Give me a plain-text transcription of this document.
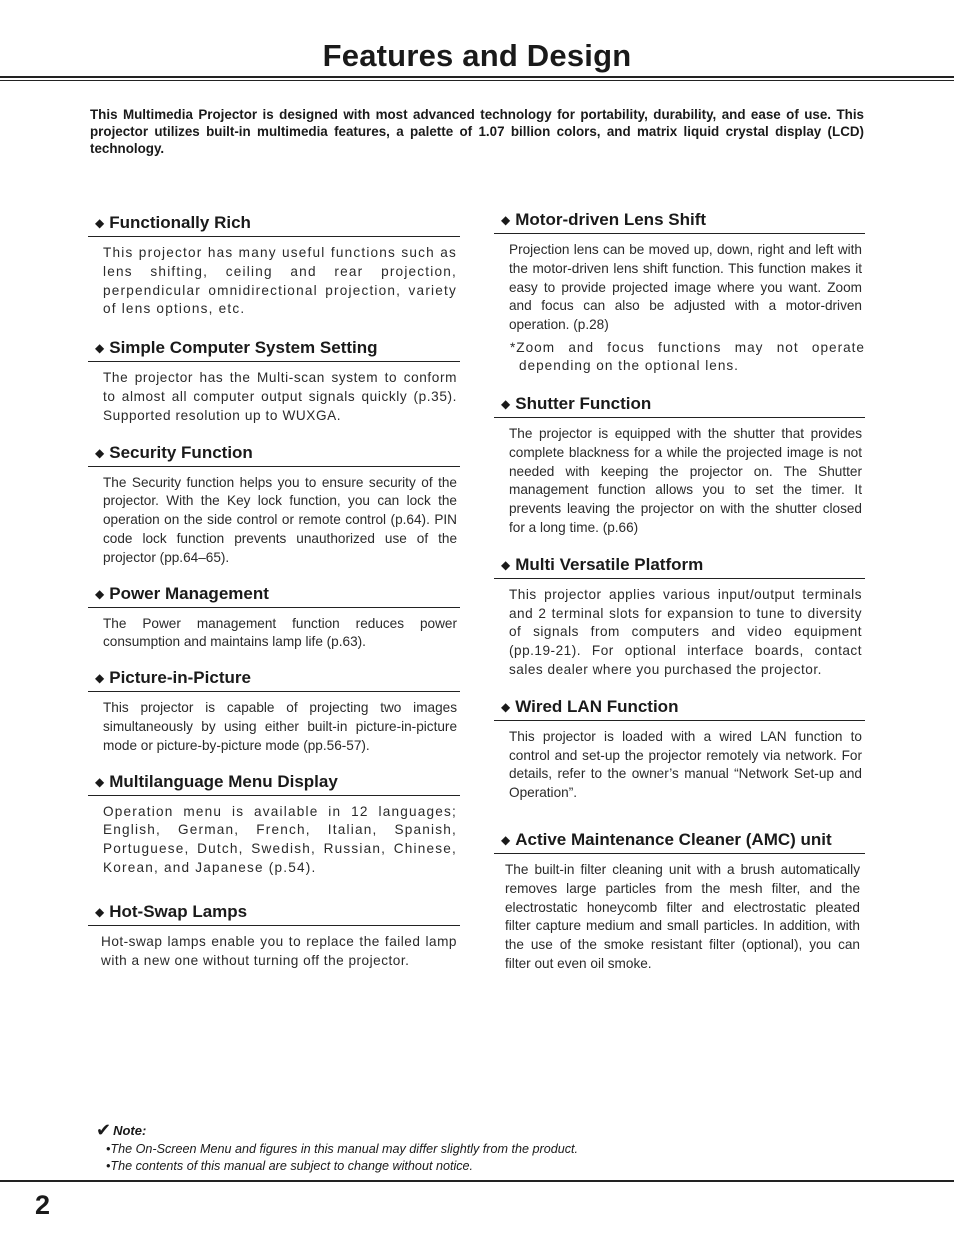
Features and Design

This Multimedia Projector is designed with most advanced technology for portability, durability, and ease of use. This projector utilizes built-in multimedia features, a palette of 1.07 billion colors, and matrix liquid crystal display (LCD) technology.

◆ Functionally Rich
This projector has many useful functions such as lens shifting, ceiling and rear projection, perpendicular omnidirectional projection, variety of lens options, etc.
◆ Simple Computer System Setting
The projector has the Multi-scan system to conform to almost all computer output signals quickly (p.35). Supported resolution up to WUXGA.
◆ Security Function
The Security function helps you to ensure security of the projector. With the Key lock function, you can lock the operation on the side control or remote control (p.64). PIN code lock function prevents unauthorized use of the projector (pp.64–65).
◆ Power Management
The Power management function reduces power consumption and maintains lamp life (p.63).
◆ Picture-in-Picture
This projector is capable of projecting two images simultaneously by using either built-in picture-in-picture mode or picture-by-picture mode (pp.56-57).
◆ Multilanguage Menu Display
Operation menu is available in 12 languages; English, German, French, Italian, Spanish, Portuguese, Dutch, Swedish, Russian, Chinese, Korean, and Japanese (p.54).
◆ Hot-Swap Lamps
Hot-swap lamps enable you to replace the failed lamp with a new one without turning off the projector.
◆ Motor-driven Lens Shift
Projection lens can be moved up, down, right and left with the motor-driven lens shift function. This function makes it easy to provide projected image where you want. Zoom and focus can also be adjusted with a motor-driven operation. (p.28)
*Zoom and focus functions may not operate depending on the optional lens.
◆ Shutter Function
The projector is equipped with the shutter that provides complete blackness for a while the projected image is not needed with keeping the projector on. The Shutter management function allows you to set the timer. It prevents leaving the projector on with the shutter closed for a long time. (p.66)
◆ Multi Versatile Platform
This projector applies various input/output terminals and 2 terminal slots for expansion to tune to diversity of signals from computers and video equipment (pp.19-21). For optional interface boards, contact sales dealer where you purchased the projector.
◆ Wired LAN Function
This projector is loaded with a wired LAN function to control and set-up the projector remotely via network. For details, refer to the owner’s manual “Network Set-up and Operation”.
◆ Active Maintenance Cleaner (AMC) unit
The built-in filter cleaning unit with a brush automatically removes large particles from the mesh filter, and the electrostatic honeycomb filter and electrostatic pleated filter capture medium and small particles. In addition, with the use of the smoke resistant filter (optional), you can filter out even oil smoke.
✔ Note:
•The On-Screen Menu and figures in this manual may differ slightly from the product.
•The contents of this manual are subject to change without notice.
2
